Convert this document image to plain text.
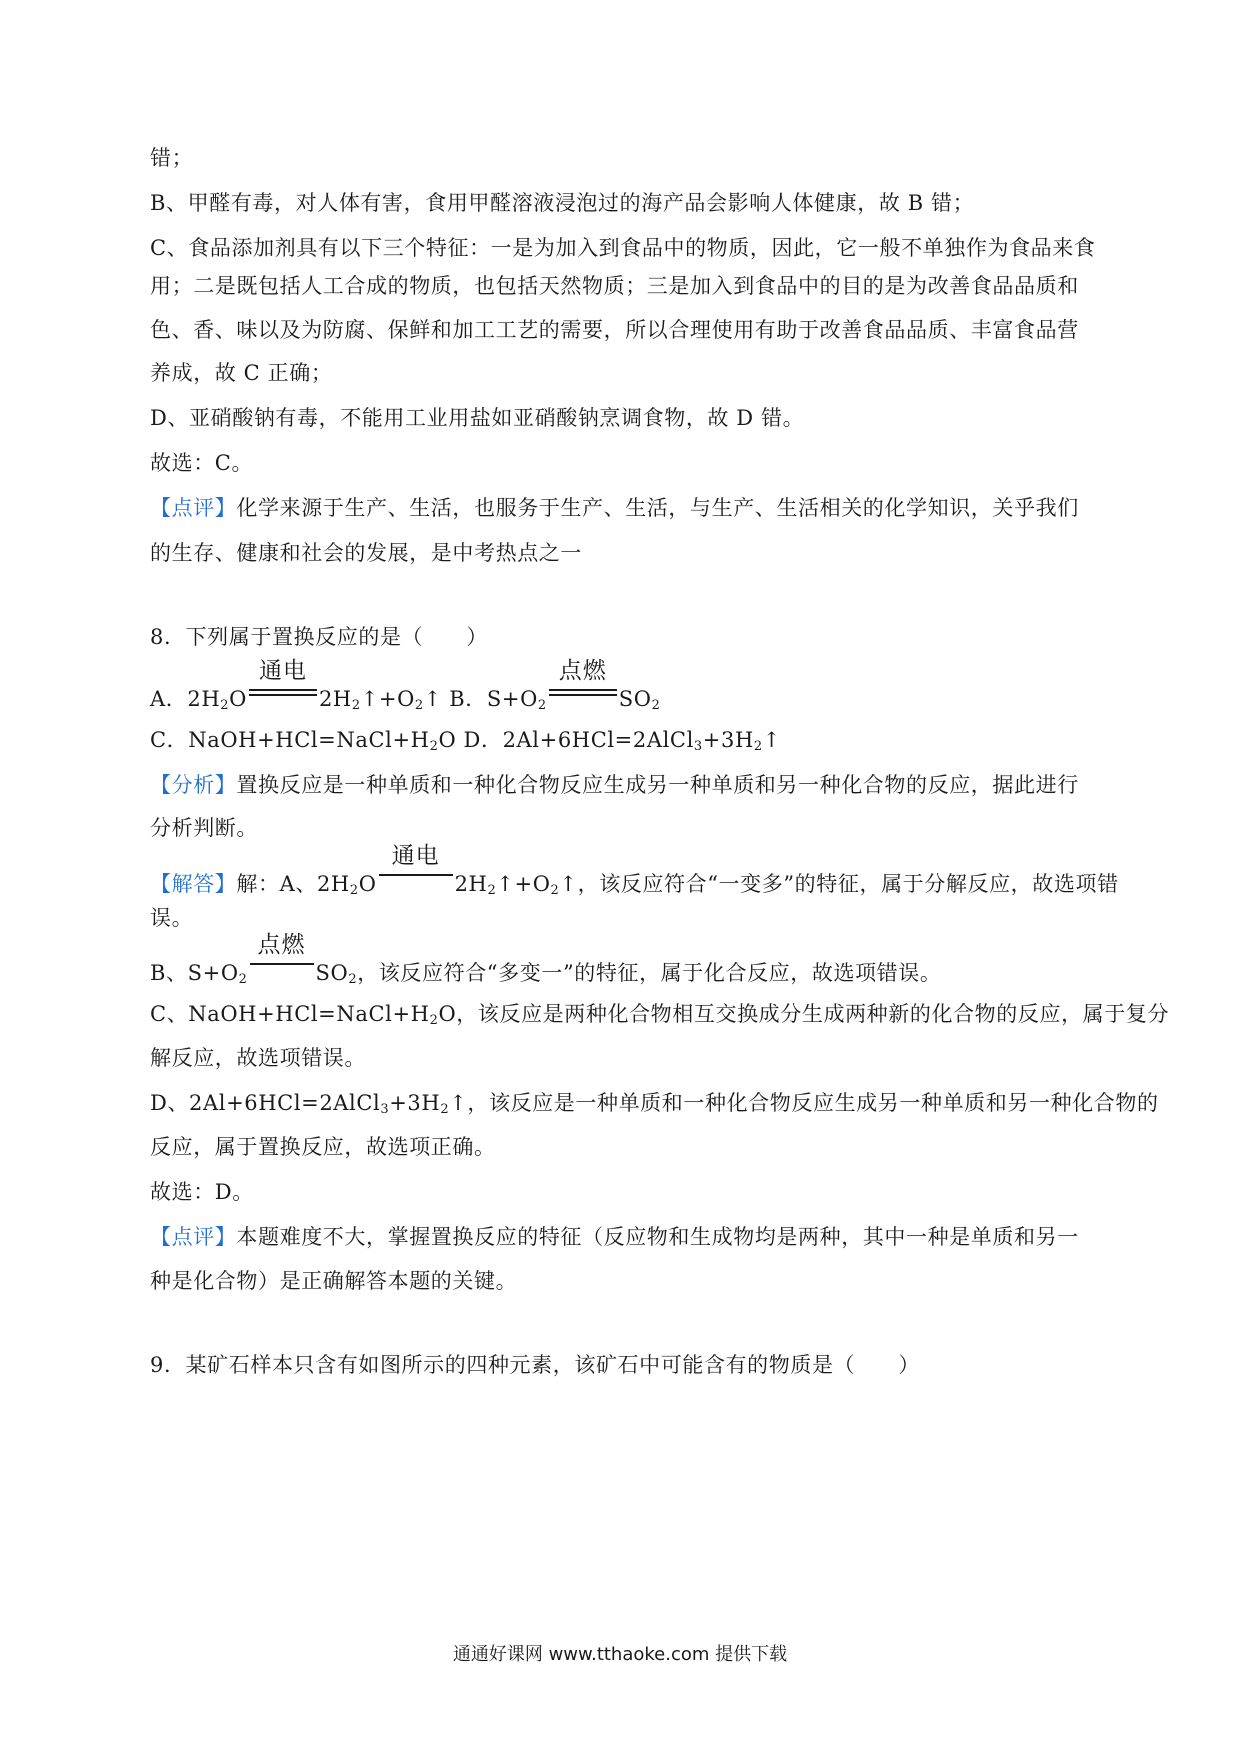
错；
B、甲醛有毒，对人体有害，食用甲醛溶液浸泡过的海产品会影响人体健康，故 B 错；
C、食品添加剂具有以下三个特征：一是为加入到食品中的物质，因此，它一般不单独作为食品来食
用；二是既包括人工合成的物质，也包括天然物质；三是加入到食品中的目的是为改善食品品质和
色、香、味以及为防腐、保鲜和加工工艺的需要，所以合理使用有助于改善食品品质、丰富食品营
养成，故 C 正确；
D、亚硝酸钠有毒，不能用工业用盐如亚硝酸钠烹调食物，故 D 错。
故选：C。
【点评】化学来源于生产、生活，也服务于生产、生活，与生产、生活相关的化学知识，关乎我们
的生存、健康和社会的发展，是中考热点之一
8．下列属于置换反应的是（　　）
A．$2H_2O$
通电
$2H_2↑+O_2↑$ B．$S+O_2$
点燃
$SO_2$
C．$NaOH+HCl=NaCl+H_2O$ D．$2Al+6HCl=2AlCl_3+3H_2↑$
【分析】置换反应是一种单质和一种化合物反应生成另一种单质和另一种化合物的反应，据此进行
分析判断。
【解答】解：A、$2H_2O$
通电
$2H_2↑+O_2↑$，该反应符合“一变多”的特征，属于分解反应，故选项错
误。
B、$S+O_2$
点燃
$SO_2$，该反应符合“多变一”的特征，属于化合反应，故选项错误。
C、$NaOH+HCl=NaCl+H_2O$，该反应是两种化合物相互交换成分生成两种新的化合物的反应，属于复分
解反应，故选项错误。
D、$2Al+6HCl=2AlCl_3+3H_2↑$，该反应是一种单质和一种化合物反应生成另一种单质和另一种化合物的
反应，属于置换反应，故选项正确。
故选：D。
【点评】本题难度不大，掌握置换反应的特征（反应物和生成物均是两种，其中一种是单质和另一
种是化合物）是正确解答本题的关键。
9．某矿石样本只含有如图所示的四种元素，该矿石中可能含有的物质是（　　）
通通好课网 www.tthaoke.com 提供下载
